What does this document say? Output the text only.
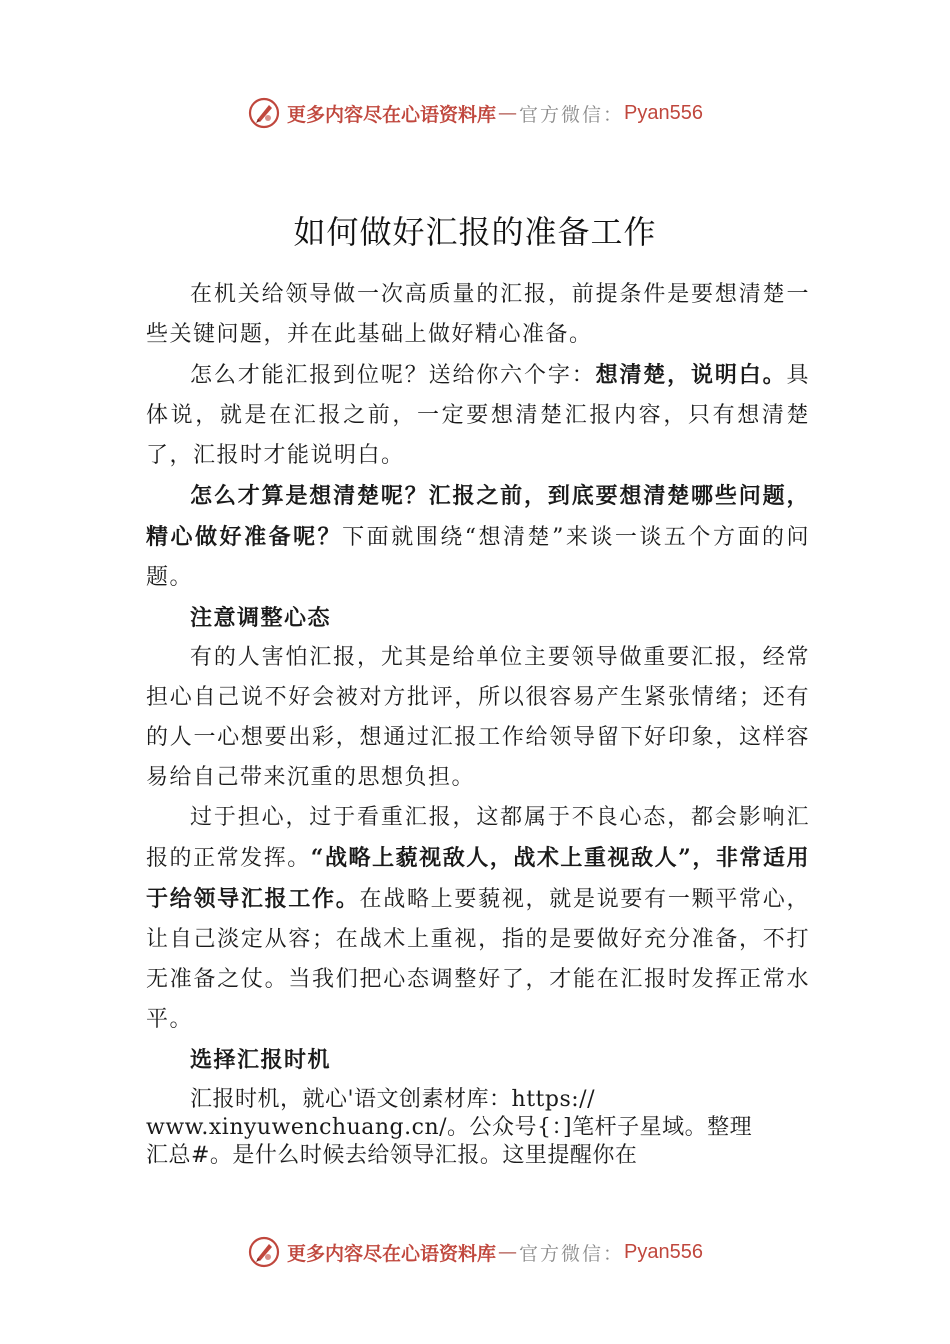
更多内容尽在心语资料库 — 官方微信： Pyan556
如何做好汇报的准备工作

在机关给领导做一次高质量的汇报，前提条件是要想清楚一些关键问题，并在此基础上做好精心准备。

怎么才能汇报到位呢？送给你六个字：想清楚，说明白。具体说，就是在汇报之前，一定要想清楚汇报内容，只有想清楚了，汇报时才能说明白。

怎么才算是想清楚呢？汇报之前，到底要想清楚哪些问题，精心做好准备呢？下面就围绕“想清楚”来谈一谈五个方面的问题。

注意调整心态

有的人害怕汇报，尤其是给单位主要领导做重要汇报，经常担心自己说不好会被对方批评，所以很容易产生紧张情绪；还有的人一心想要出彩，想通过汇报工作给领导留下好印象，这样容易给自己带来沉重的思想负担。

过于担心，过于看重汇报，这都属于不良心态，都会影响汇报的正常发挥。“战略上藐视敌人，战术上重视敌人”，非常适用于给领导汇报工作。在战略上要藐视，就是说要有一颗平常心，让自己淡定从容；在战术上重视，指的是要做好充分准备，不打无准备之仗。当我们把心态调整好了，才能在汇报时发挥正常水平。

选择汇报时机

汇报时机，就心'语文创素材库：https://
www.xinyuwenchuang.cn/。公众号{：]笔杆子星域。整理
汇总#。是什么时候去给领导汇报。这里提醒你在

更多内容尽在心语资料库 — 官方微信： Pyan556
